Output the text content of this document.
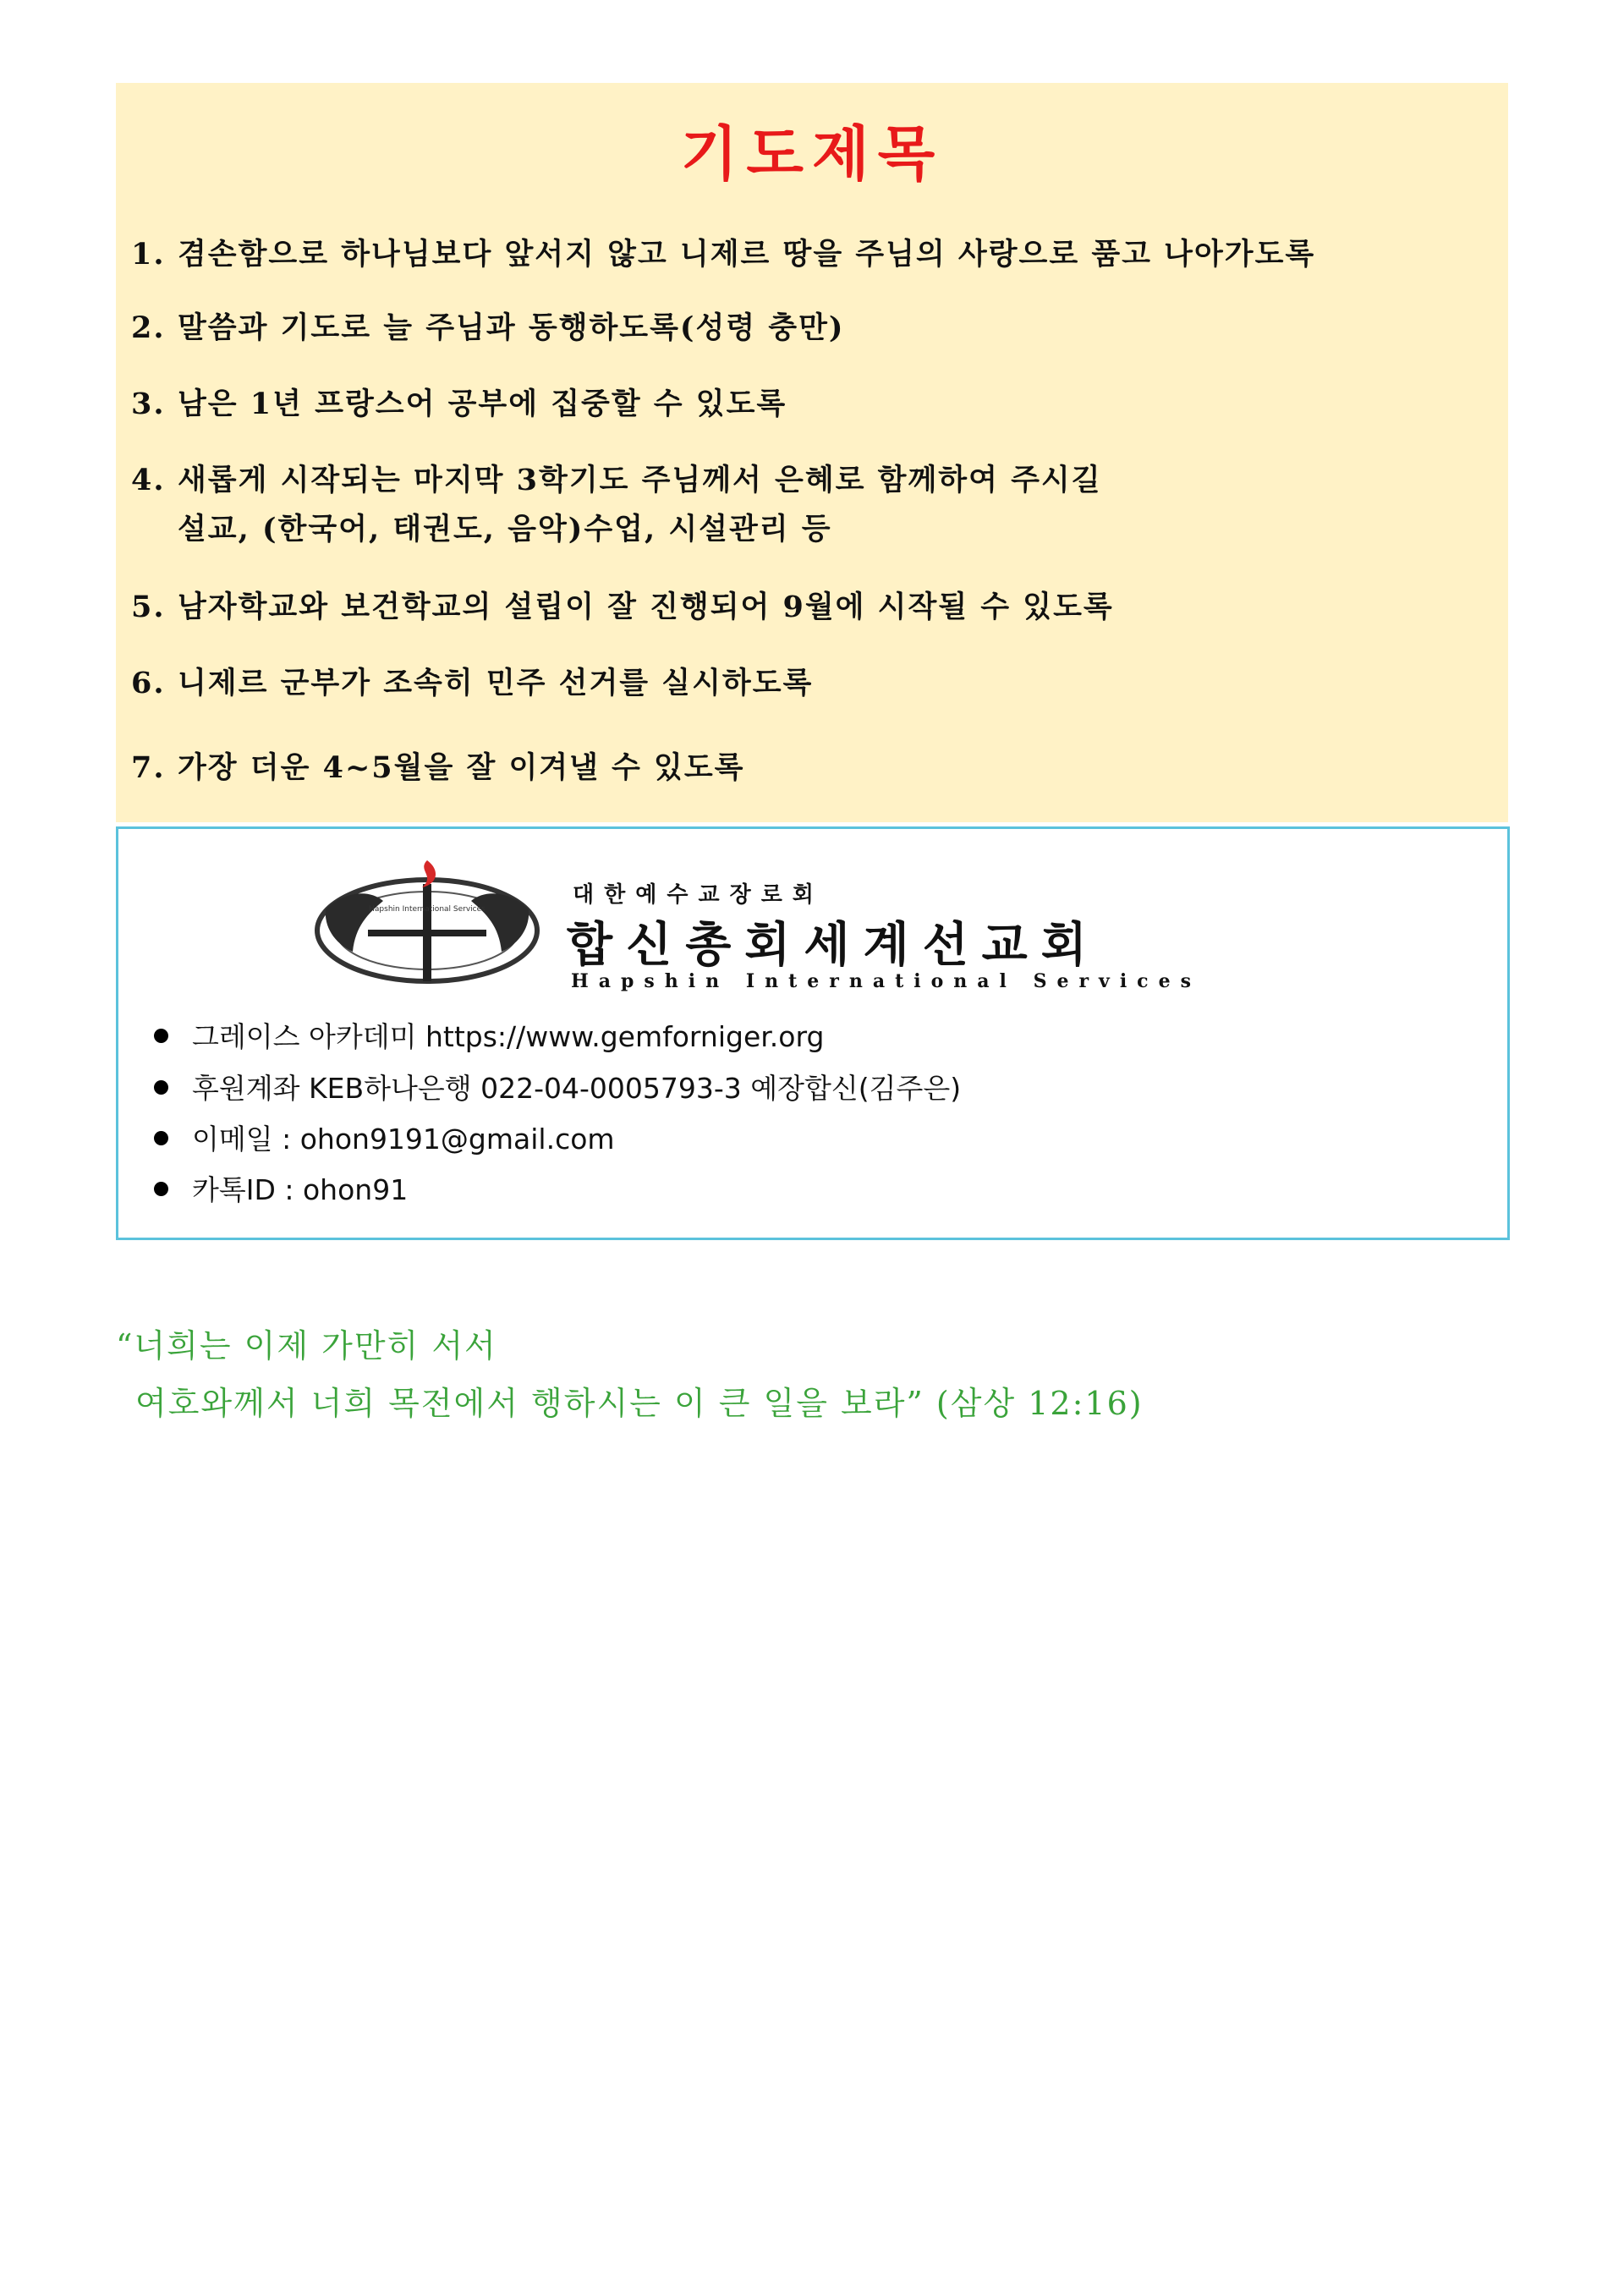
기도제목
1. 겸손함으로 하나님보다 앞서지 않고 니제르 땅을 주님의 사랑으로 품고 나아가도록
2. 말씀과 기도로 늘 주님과 동행하도록(성령 충만)
3. 남은 1년 프랑스어 공부에 집중할 수 있도록
4. 새롭게 시작되는 마지막 3학기도 주님께서 은혜로 함께하여 주시길
설교, (한국어, 태권도, 음악)수업, 시설관리 등
5. 남자학교와 보건학교의 설립이 잘 진행되어 9월에 시작될 수 있도록
6. 니제르 군부가 조속히 민주 선거를 실시하도록
7. 가장 더운 4~5월을 잘 이겨낼 수 있도록
Hapshin International Services
대한예수교장로회
합신총회세계선교회
Hapshin International Services
그레이스 아카데미 https://www.gemforniger.org
후원계좌 KEB하나은행 022-04-0005793-3 예장합신(김주은)
이메일 : ohon9191@gmail.com
카톡ID : ohon91
“너희는 이제 가만히 서서
여호와께서 너희 목전에서 행하시는 이 큰 일을 보라” (삼상 12:16)
